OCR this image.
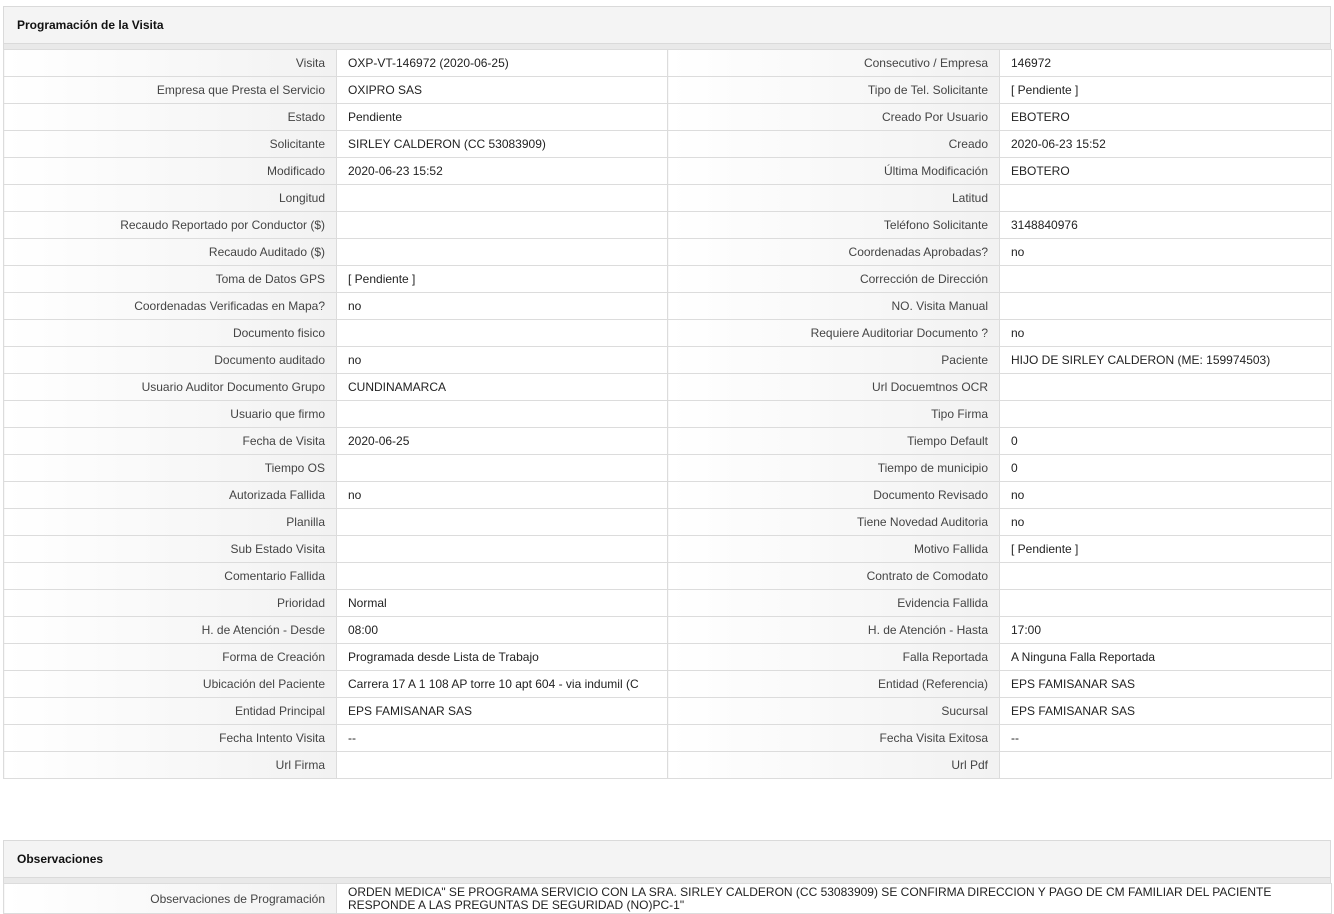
Programación de la Visita
Visita	OXP-VT-146972 (2020-06-25)	Consecutivo / Empresa	146972
Empresa que Presta el Servicio	OXIPRO SAS	Tipo de Tel. Solicitante	[ Pendiente ]
Estado	Pendiente	Creado Por Usuario	EBOTERO
Solicitante	SIRLEY CALDERON (CC 53083909)	Creado	2020-06-23 15:52
Modificado	2020-06-23 15:52	Última Modificación	EBOTERO
Longitud		Latitud	
Recaudo Reportado por Conductor ($)		Teléfono Solicitante	3148840976
Recaudo Auditado ($)		Coordenadas Aprobadas?	no
Toma de Datos GPS	[ Pendiente ]	Corrección de Dirección	
Coordenadas Verificadas en Mapa?	no	NO. Visita Manual	
Documento fisico		Requiere Auditoriar Documento ?	no
Documento auditado	no	Paciente	HIJO DE SIRLEY CALDERON (ME: 159974503)
Usuario Auditor Documento Grupo	CUNDINAMARCA	Url Docuemtnos OCR	
Usuario que firmo		Tipo Firma	
Fecha de Visita	2020-06-25	Tiempo Default	0
Tiempo OS		Tiempo de municipio	0
Autorizada Fallida	no	Documento Revisado	no
Planilla		Tiene Novedad Auditoria	no
Sub Estado Visita		Motivo Fallida	[ Pendiente ]
Comentario Fallida		Contrato de Comodato	
Prioridad	Normal	Evidencia Fallida	
H. de Atención - Desde	08:00	H. de Atención - Hasta	17:00
Forma de Creación	Programada desde Lista de Trabajo	Falla Reportada	A Ninguna Falla Reportada
Ubicación del Paciente	Carrera 17 A 1 108 AP torre 10 apt 604 - via indumil (C	Entidad (Referencia)	EPS FAMISANAR SAS
Entidad Principal	EPS FAMISANAR SAS	Sucursal	EPS FAMISANAR SAS
Fecha Intento Visita	--	Fecha Visita Exitosa	--
Url Firma		Url Pdf	
Observaciones
Observaciones de Programación	ORDEN MEDICA" SE PROGRAMA SERVICIO CON LA SRA. SIRLEY CALDERON (CC 53083909) SE CONFIRMA DIRECCION Y PAGO DE CM FAMILIAR DEL PACIENTE RESPONDE A LAS PREGUNTAS DE SEGURIDAD (NO)PC-1"
